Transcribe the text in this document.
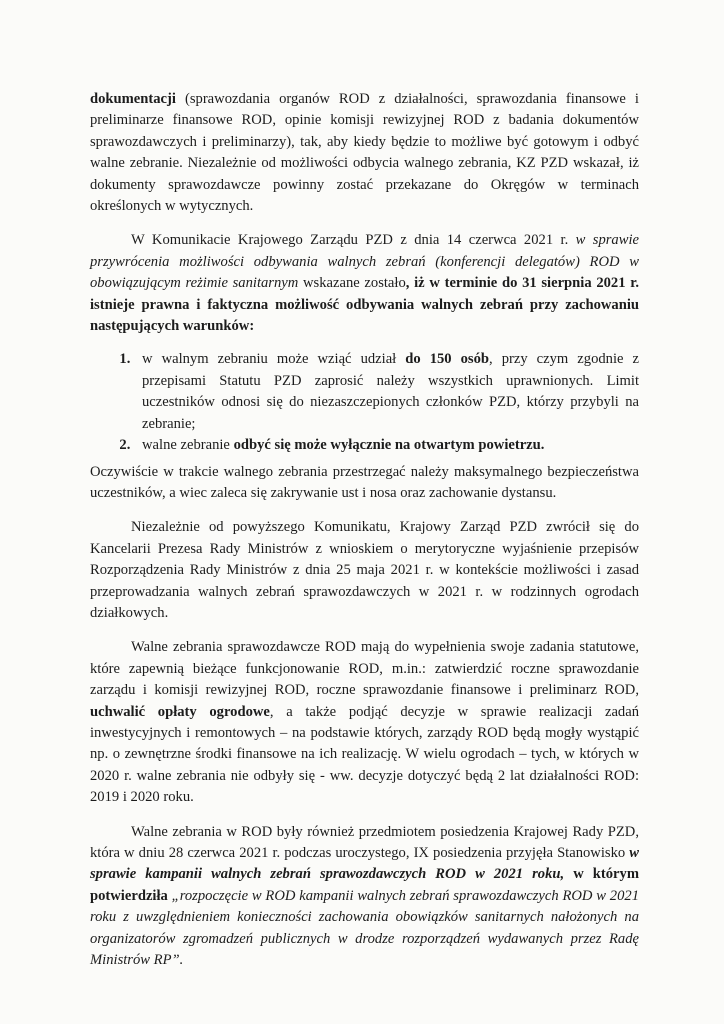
dokumentacji (sprawozdania organów ROD z działalności, sprawozdania finansowe i preliminarze finansowe ROD, opinie komisji rewizyjnej ROD z badania dokumentów sprawozdawczych i preliminarzy), tak, aby kiedy będzie to możliwe być gotowym i odbyć walne zebranie. Niezależnie od możliwości odbycia walnego zebrania, KZ PZD wskazał, iż dokumenty sprawozdawcze powinny zostać przekazane do Okręgów w terminach określonych w wytycznych.

W Komunikacie Krajowego Zarządu PZD z dnia 14 czerwca 2021 r. w sprawie przywrócenia możliwości odbywania walnych zebrań (konferencji delegatów) ROD w obowiązującym reżimie sanitarnym wskazane zostało, iż w terminie do 31 sierpnia 2021 r. istnieje prawna i faktyczna możliwość odbywania walnych zebrań przy zachowaniu następujących warunków:

1. w walnym zebraniu może wziąć udział do 150 osób, przy czym zgodnie z przepisami Statutu PZD zaprosić należy wszystkich uprawnionych. Limit uczestników odnosi się do niezaszczepionych członków PZD, którzy przybyli na zebranie;
2. walne zebranie odbyć się może wyłącznie na otwartym powietrzu.

Oczywiście w trakcie walnego zebrania przestrzegać należy maksymalnego bezpieczeństwa uczestników, a wiec zaleca się zakrywanie ust i nosa oraz zachowanie dystansu.

Niezależnie od powyższego Komunikatu, Krajowy Zarząd PZD zwrócił się do Kancelarii Prezesa Rady Ministrów z wnioskiem o merytoryczne wyjaśnienie przepisów Rozporządzenia Rady Ministrów z dnia 25 maja 2021 r. w kontekście możliwości i zasad przeprowadzania walnych zebrań sprawozdawczych w 2021 r. w rodzinnych ogrodach działkowych.

Walne zebrania sprawozdawcze ROD mają do wypełnienia swoje zadania statutowe, które zapewnią bieżące funkcjonowanie ROD, m.in.: zatwierdzić roczne sprawozdanie zarządu i komisji rewizyjnej ROD, roczne sprawozdanie finansowe i preliminarz ROD, uchwalić opłaty ogrodowe, a także podjąć decyzje w sprawie realizacji zadań inwestycyjnych i remontowych – na podstawie których, zarządy ROD będą mogły wystąpić np. o zewnętrzne środki finansowe na ich realizację. W wielu ogrodach – tych, w których w 2020 r. walne zebrania nie odbyły się - ww. decyzje dotyczyć będą 2 lat działalności ROD: 2019 i 2020 roku.

Walne zebrania w ROD były również przedmiotem posiedzenia Krajowej Rady PZD, która w dniu 28 czerwca 2021 r. podczas uroczystego, IX posiedzenia przyjęła Stanowisko w sprawie kampanii walnych zebrań sprawozdawczych ROD w 2021 roku, w którym potwierdziła „rozpoczęcie w ROD kampanii walnych zebrań sprawozdawczych ROD w 2021 roku z uwzględnieniem konieczności zachowania obowiązków sanitarnych nałożonych na organizatorów zgromadzeń publicznych w drodze rozporządzeń wydawanych przez Radę Ministrów RP”.
